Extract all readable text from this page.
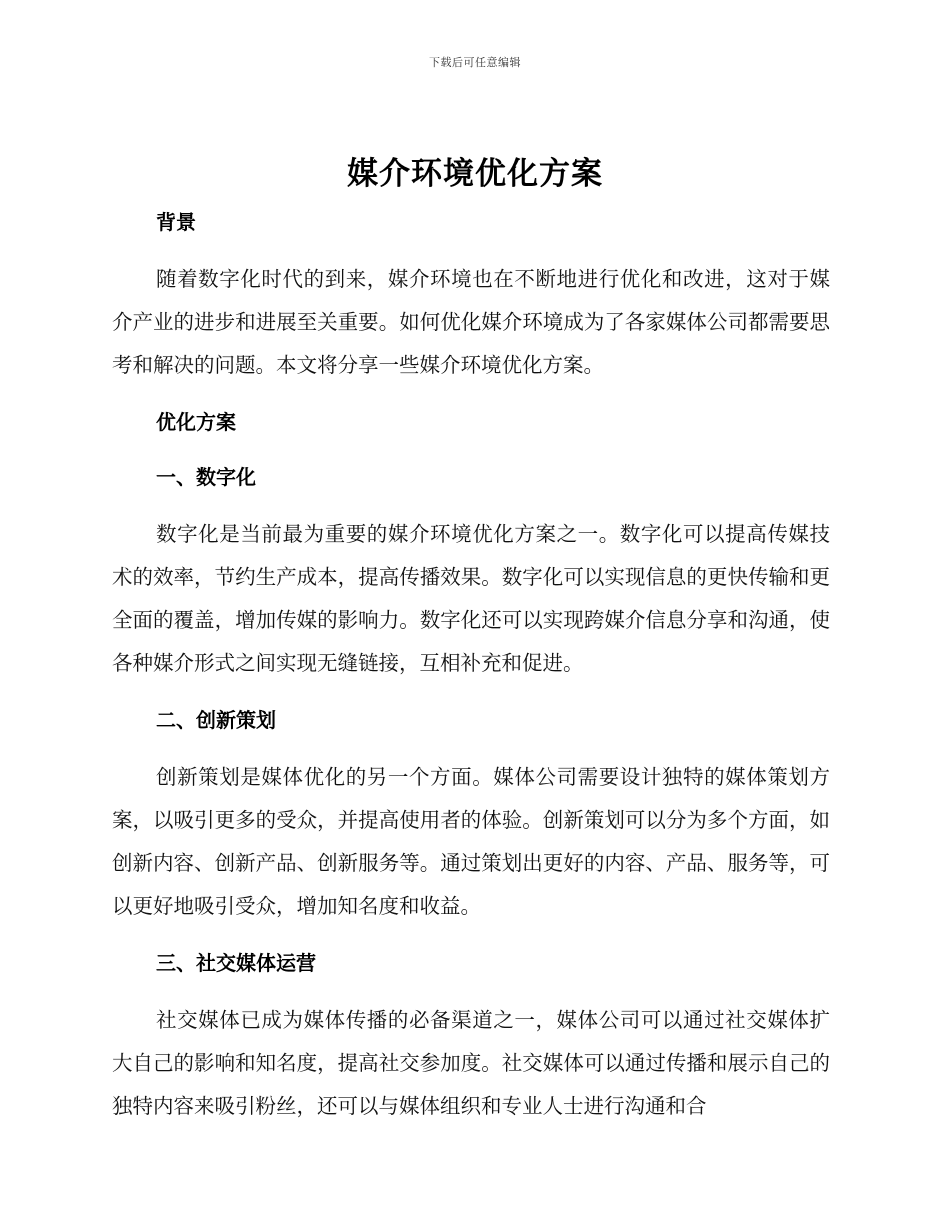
下载后可任意编辑
媒介环境优化方案
背景

随着数字化时代的到来，媒介环境也在不断地进行优化和改进，这对于媒介产业的进步和进展至关重要。如何优化媒介环境成为了各家媒体公司都需要思考和解决的问题。本文将分享一些媒介环境优化方案。

优化方案
一、数字化

数字化是当前最为重要的媒介环境优化方案之一。数字化可以提高传媒技术的效率，节约生产成本，提高传播效果。数字化可以实现信息的更快传输和更全面的覆盖，增加传媒的影响力。数字化还可以实现跨媒介信息分享和沟通，使各种媒介形式之间实现无缝链接，互相补充和促进。

二、创新策划

创新策划是媒体优化的另一个方面。媒体公司需要设计独特的媒体策划方案，以吸引更多的受众，并提高使用者的体验。创新策划可以分为多个方面，如创新内容、创新产品、创新服务等。通过策划出更好的内容、产品、服务等，可以更好地吸引受众，增加知名度和收益。

三、社交媒体运营

社交媒体已成为媒体传播的必备渠道之一，媒体公司可以通过社交媒体扩大自己的影响和知名度，提高社交参加度。社交媒体可以通过传播和展示自己的独特内容来吸引粉丝，还可以与媒体组织和专业人士进行沟通和合
